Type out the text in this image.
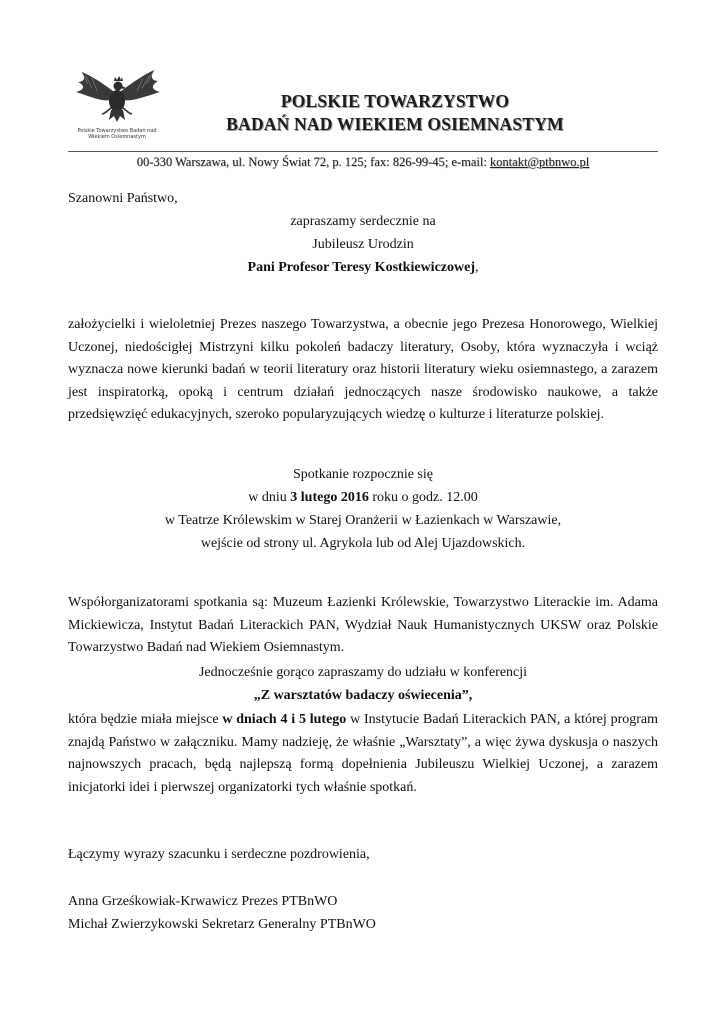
Polskie Towarzystwo Badań nad
Wiekiem Osiemnastym
POLSKIE TOWARZYSTWO
BADAŃ NAD WIEKIEM OSIEMNASTYM
00-330 Warszawa, ul. Nowy Świat 72, p. 125; fax: 826-99-45; e-mail: kontakt@ptbnwo.pl
Szanowni Państwo,
zapraszamy serdecznie na
Jubileusz Urodzin
Pani Profesor Teresy Kostkiewiczowej,
założycielki i wieloletniej Prezes naszego Towarzystwa, a obecnie jego Prezesa Honorowego, Wielkiej Uczonej, niedościgłej Mistrzyni kilku pokoleń badaczy literatury, Osoby, która wyznaczyła i wciąż wyznacza nowe kierunki badań w teorii literatury oraz historii literatury wieku osiemnastego, a zarazem jest inspiratorką, opoką i centrum działań jednoczących nasze środowisko naukowe, a także przedsięwzięć edukacyjnych, szeroko popularyzujących wiedzę o kulturze i literaturze polskiej.
Spotkanie rozpocznie się
w dniu 3 lutego 2016 roku o godz. 12.00
w Teatrze Królewskim w Starej Oranżerii w Łazienkach w Warszawie,
wejście od strony ul. Agrykola lub od Alej Ujazdowskich.
Współorganizatorami spotkania są: Muzeum Łazienki Królewskie, Towarzystwo Literackie im. Adama Mickiewicza, Instytut Badań Literackich PAN, Wydział Nauk Humanistycznych UKSW oraz Polskie Towarzystwo Badań nad Wiekiem Osiemnastym.
Jednocześnie gorąco zapraszamy do udziału w konferencji
„Z warsztatów badaczy oświecenia”,
która będzie miała miejsce w dniach 4 i 5 lutego w Instytucie Badań Literackich PAN, a której program znajdą Państwo w załączniku. Mamy nadzieję, że właśnie „Warsztaty”, a więc żywa dyskusja o naszych najnowszych pracach, będą najlepszą formą dopełnienia Jubileuszu Wielkiej Uczonej, a zarazem inicjatorki idei i pierwszej organizatorki tych właśnie spotkań.
Łączymy wyrazy szacunku i serdeczne pozdrowienia,
Anna Grześkowiak-Krwawicz Prezes PTBnWO
Michał Zwierzykowski Sekretarz Generalny PTBnWO
